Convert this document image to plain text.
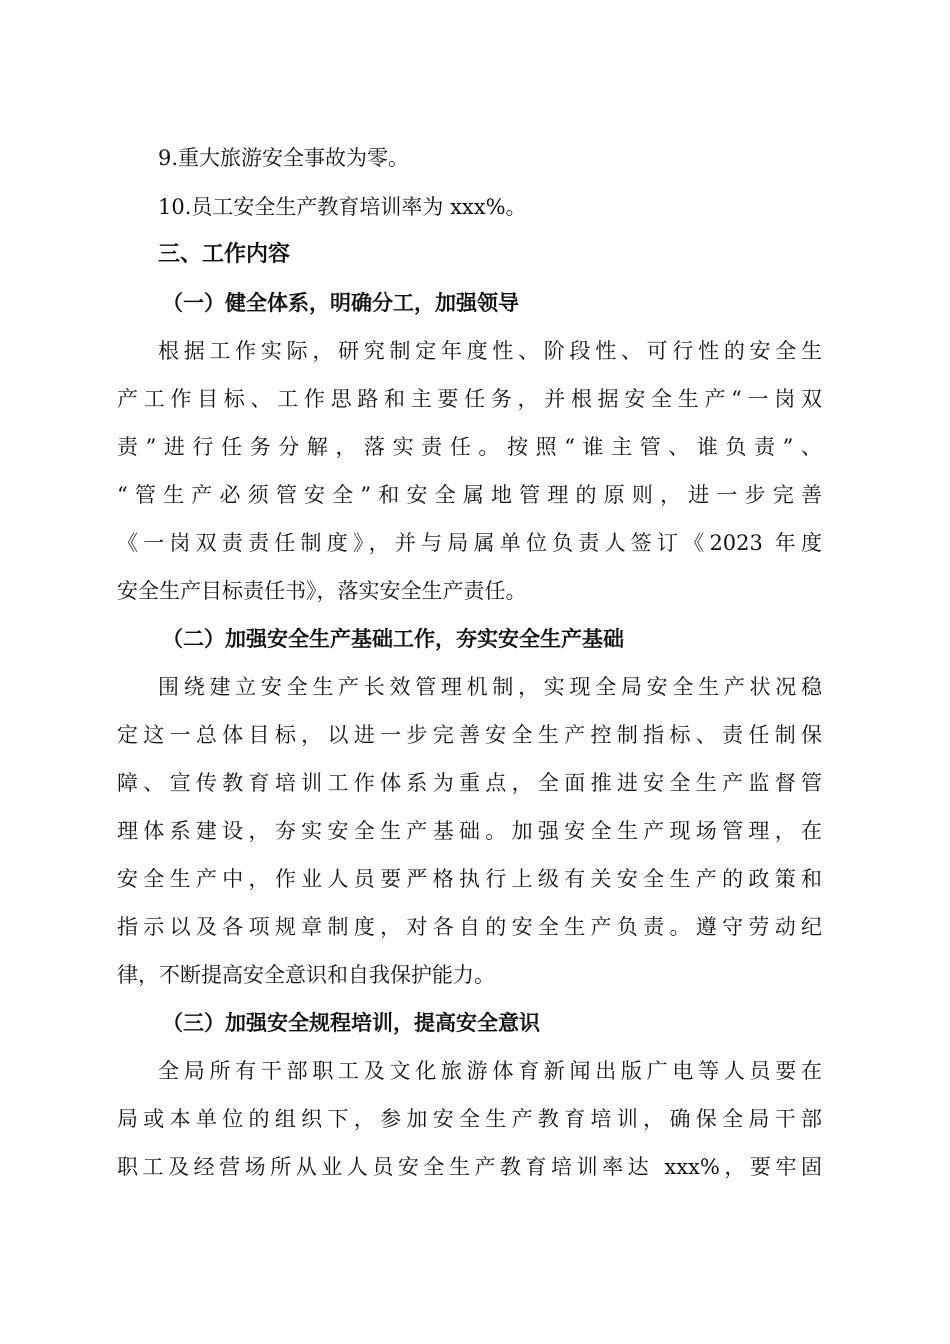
9.重大旅游安全事故为零。
10.员工安全生产教育培训率为 xxx%。
三、工作内容
（一）健全体系，明确分工，加强领导
根据工作实际，研究制定年度性、阶段性、可行性的安全生
产工作目标、工作思路和主要任务，并根据安全生产“一岗双
责”进行任务分解，落实责任。按照“谁主管、谁负责”、
“管生产必须管安全”和安全属地管理的原则，进一步完善
《一岗双责责任制度》，并与局属单位负责人签订《2023 年度
安全生产目标责任书》，落实安全生产责任。
（二）加强安全生产基础工作，夯实安全生产基础
围绕建立安全生产长效管理机制，实现全局安全生产状况稳
定这一总体目标，以进一步完善安全生产控制指标、责任制保
障、宣传教育培训工作体系为重点，全面推进安全生产监督管
理体系建设，夯实安全生产基础。加强安全生产现场管理，在
安全生产中，作业人员要严格执行上级有关安全生产的政策和
指示以及各项规章制度，对各自的安全生产负责。遵守劳动纪
律，不断提高安全意识和自我保护能力。
（三）加强安全规程培训，提高安全意识
全局所有干部职工及文化旅游体育新闻出版广电等人员要在
局或本单位的组织下，参加安全生产教育培训，确保全局干部
职工及经营场所从业人员安全生产教育培训率达 xxx%，要牢固
